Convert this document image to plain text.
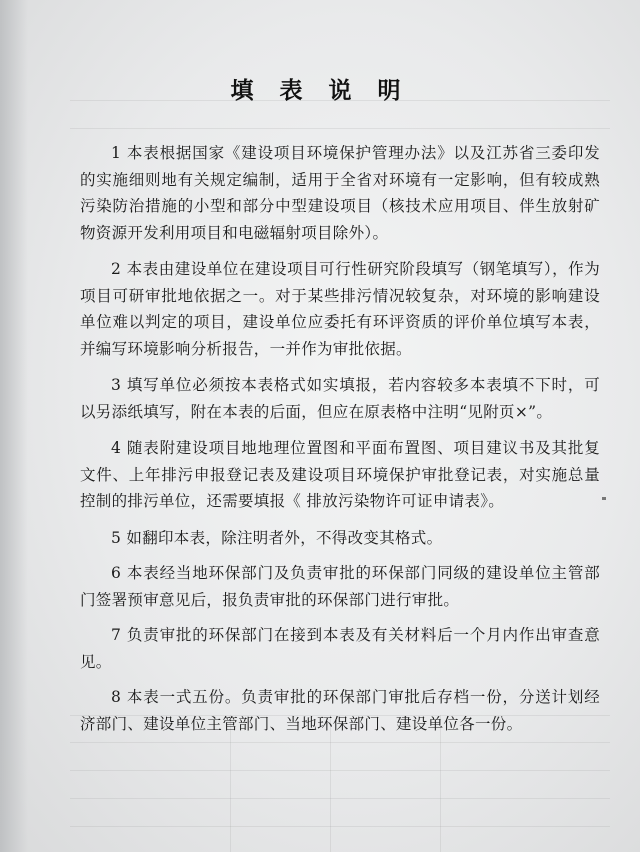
填 表 说 明

1 本表根据国家《建设项目环境保护管理办法》以及江苏省三委印发的实施细则地有关规定编制，适用于全省对环境有一定影响，但有较成熟污染防治措施的小型和部分中型建设项目（核技术应用项目、伴生放射矿物资源开发利用项目和电磁辐射项目除外）。

2 本表由建设单位在建设项目可行性研究阶段填写（钢笔填写），作为项目可研审批地依据之一。对于某些排污情况较复杂，对环境的影响建设单位难以判定的项目，建设单位应委托有环评资质的评价单位填写本表，并编写环境影响分析报告，一并作为审批依据。

3 填写单位必须按本表格式如实填报，若内容较多本表填不下时，可以另添纸填写，附在本表的后面，但应在原表格中注明“见附页×”。

4 随表附建设项目地地理位置图和平面布置图、项目建议书及其批复文件、上年排污申报登记表及建设项目环境保护审批登记表，对实施总量控制的排污单位，还需要填报《 排放污染物许可证申请表》。

5 如翻印本表，除注明者外，不得改变其格式。

6 本表经当地环保部门及负责审批的环保部门同级的建设单位主管部门签署预审意见后，报负责审批的环保部门进行审批。

7 负责审批的环保部门在接到本表及有关材料后一个月内作出审查意见。

8 本表一式五份。负责审批的环保部门审批后存档一份，分送计划经济部门、建设单位主管部门、当地环保部门、建设单位各一份。
